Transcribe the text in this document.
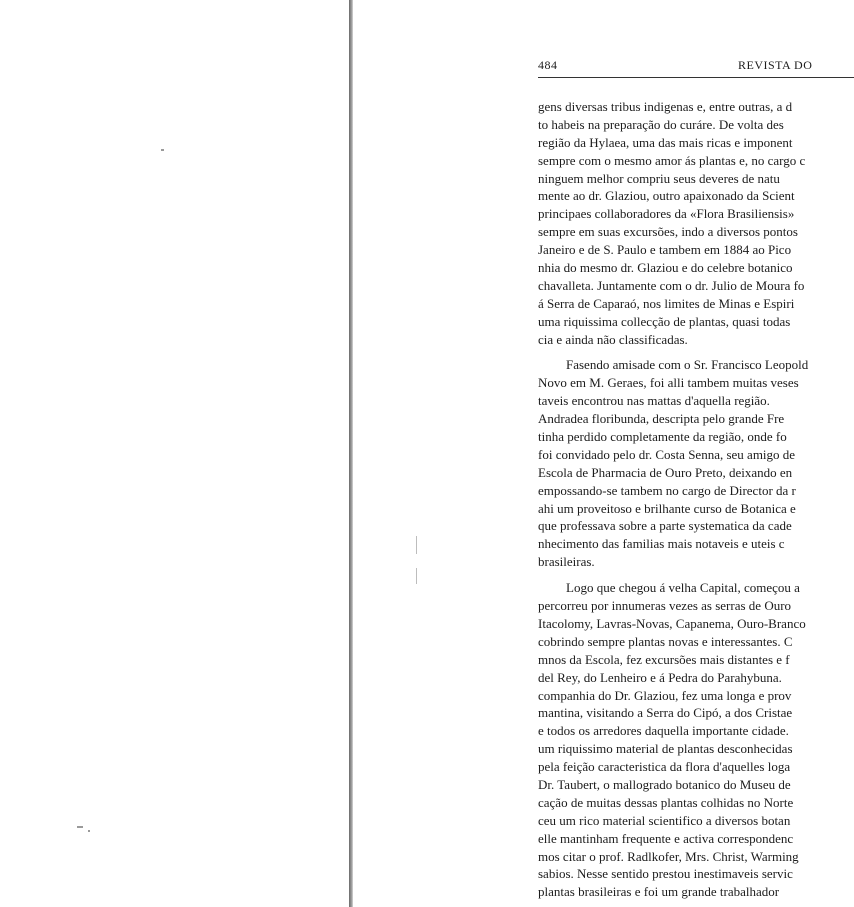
484	REVISTA DO
gens diversas tribus indigenas e, entre outras, a d
to habeis na preparação do curáre. De volta des
região da Hylaea, uma das mais ricas e imponent
sempre com o mesmo amor ás plantas e, no cargo c
ninguem melhor compriu seus deveres de natu
mente ao dr. Glaziou, outro apaixonado da Scient
principaes collaboradores da «Flora Brasiliensis»
sempre em suas excursões, indo a diversos pontos
Janeiro e de S. Paulo e tambem em 1884 ao Pico
nhia do mesmo dr. Glaziou e do celebre botanico
chavalleta. Juntamente com o dr. Julio de Moura fo
á Serra de Caparaó, nos limites de Minas e Espiri
uma riquissima collecção de plantas, quasi todas
cia e ainda não classificadas.
Fasendo amisade com o Sr. Francisco Leopold
Novo em M. Geraes, foi alli tambem muitas veses
taveis encontrou nas mattas d'aquella região.
Andradea floribunda, descripta pelo grande Fre
tinha perdido completamente da região, onde fo
foi convidado pelo dr. Costa Senna, seu amigo de
Escola de Pharmacia de Ouro Preto, deixando en
empossando-se tambem no cargo de Director da r
ahi um proveitoso e brilhante curso de Botanica e
que professava sobre a parte systematica da cade
nhecimento das familias mais notaveis e uteis c
brasileiras.
Logo que chegou á velha Capital, começou a
percorreu por innumeras vezes as serras de Ouro
Itacolomy, Lavras-Novas, Capanema, Ouro-Branco
cobrindo sempre plantas novas e interessantes. C
mnos da Escola, fez excursões mais distantes e f
del Rey, do Lenheiro e á Pedra do Parahybuna.
companhia do Dr. Glaziou, fez uma longa e prov
mantina, visitando a Serra do Cipó, a dos Cristae
e todos os arredores daquella importante cidade.
um riquissimo material de plantas desconhecidas
pela feição caracteristica da flora d'aquelles loga
Dr. Taubert, o mallogrado botanico do Museu de
cação de muitas dessas plantas colhidas no Norte
ceu um rico material scientifico a diversos botan
elle mantinham frequente e activa correspondenc
mos citar o prof. Radlkofer, Mrs. Christ, Warming
sabios. Nesse sentido prestou inestimaveis servic
plantas brasileiras e foi um grande trabalhador
